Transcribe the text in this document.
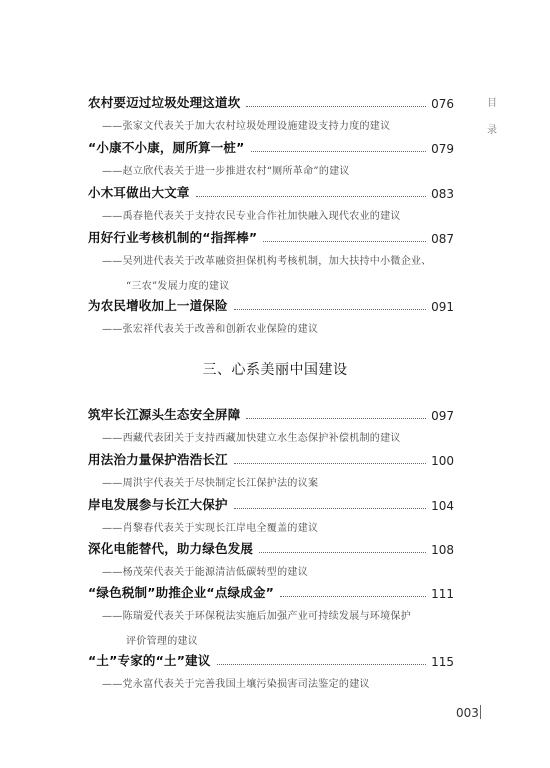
目
录
农村要迈过垃圾处理这道坎	076
——张家文代表关于加大农村垃圾处理设施建设支持力度的建议
“小康不小康，厕所算一桩”	079
——赵立欣代表关于进一步推进农村“厕所革命”的建议
小木耳做出大文章	083
——禹春艳代表关于支持农民专业合作社加快融入现代农业的建议
用好行业考核机制的“指挥棒”	087
——吴列进代表关于改革融资担保机构考核机制，加大扶持中小微企业、
“三农”发展力度的建议
为农民增收加上一道保险	091
——张宏祥代表关于改善和创新农业保险的建议
三、心系美丽中国建设
筑牢长江源头生态安全屏障	097
——西藏代表团关于支持西藏加快建立水生态保护补偿机制的建议
用法治力量保护浩浩长江	100
——周洪宇代表关于尽快制定长江保护法的议案
岸电发展参与长江大保护	104
——肖黎春代表关于实现长江岸电全覆盖的建议
深化电能替代，助力绿色发展	108
——杨茂荣代表关于能源清洁低碳转型的建议
“绿色税制”助推企业“点绿成金”	111
——陈瑞爱代表关于环保税法实施后加强产业可持续发展与环境保护
评价管理的建议
“土”专家的“土”建议	115
——党永富代表关于完善我国土壤污染损害司法鉴定的建议
003
